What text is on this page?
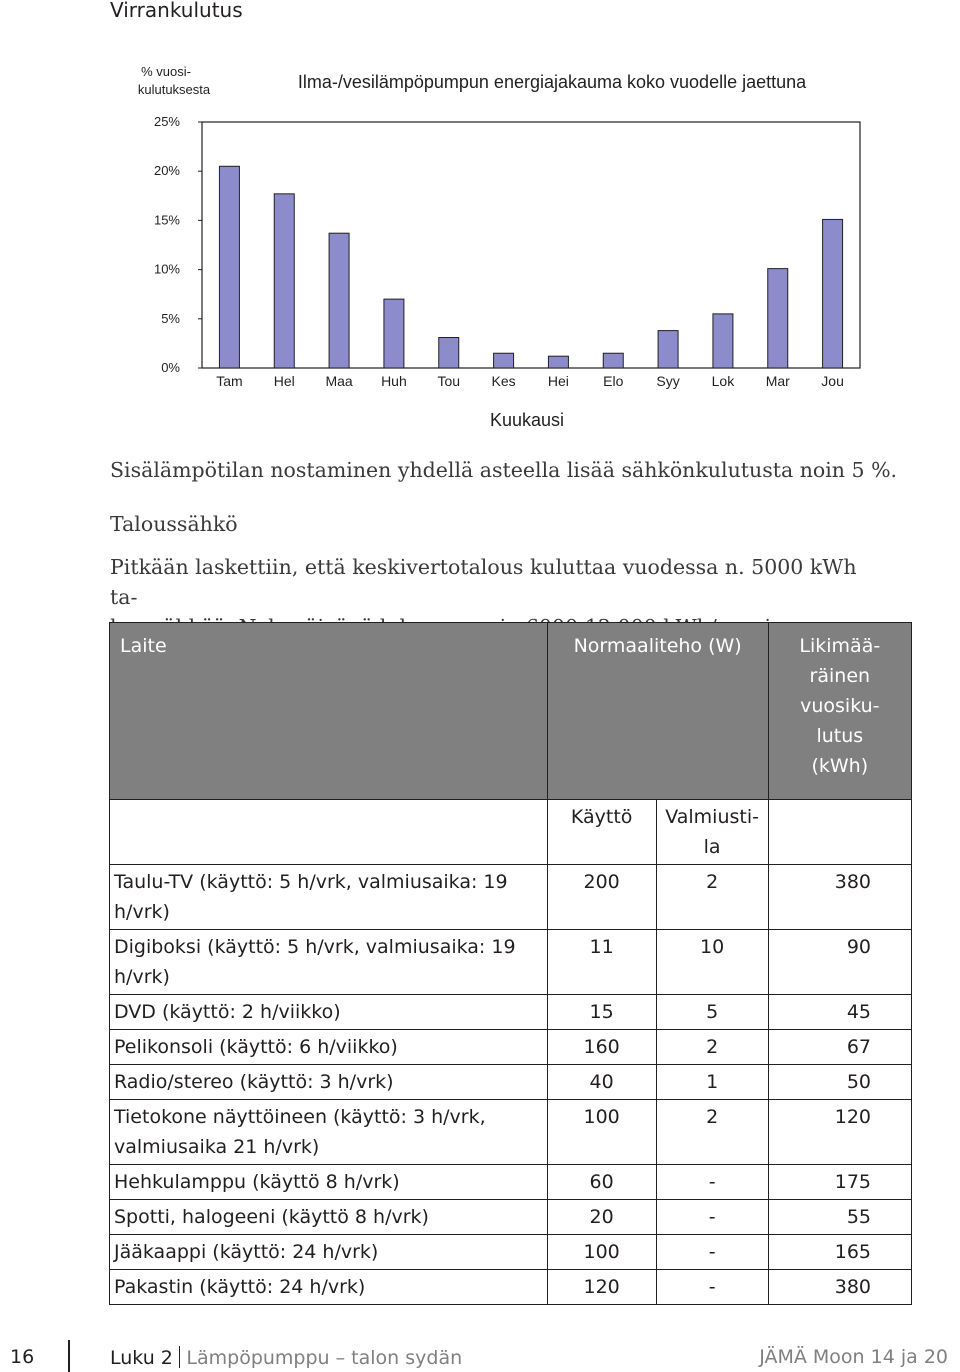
Virrankulutus
% vuosi-
kulutuksesta	Ilma-/vesilämpöpumpun energiajakauma koko vuodelle jaettuna
0%
5%
10%
15%
20%
25%
Tam Hel Maa Huh Tou Kes Hei Elo Syy Lok Mar Jou
Kuukausi
Sisälämpötilan nostaminen yhdellä asteella lisää sähkönkulutusta noin 5 %.
Taloussähkö
Pitkään laskettiin, että keskivertotalous kuluttaa vuodessa n. 5000 kWh ta-
Laite	Normaaliteho (W)		Likimää-
räinen
vuosiku-
lutus
(kWh)
	Käyttö	Valmiusti-
la	
Taulu-TV (käyttö: 5 h/vrk, valmiusaika: 19 h/vrk)	200	2	380
Digiboksi (käyttö: 5 h/vrk, valmiusaika: 19 h/vrk)	11	10	90
DVD (käyttö: 2 h/viikko)	15	5	45
Pelikonsoli (käyttö: 6 h/viikko)	160	2	67
Radio/stereo (käyttö: 3 h/vrk)	40	1	50
Tietokone näyttöineen (käyttö: 3 h/vrk, valmiusaika 21 h/vrk)	100	2	120
Hehkulamppu (käyttö 8 h/vrk)	60	-	175
Spotti, halogeeni (käyttö 8 h/vrk)	20	-	55
Jääkaappi (käyttö: 24 h/vrk)	100	-	165
Pakastin (käyttö: 24 h/vrk)	120	-	380
16	Luku 2 Lämpöpumppu – talon sydän	JÄMÄ Moon 14 ja 20
